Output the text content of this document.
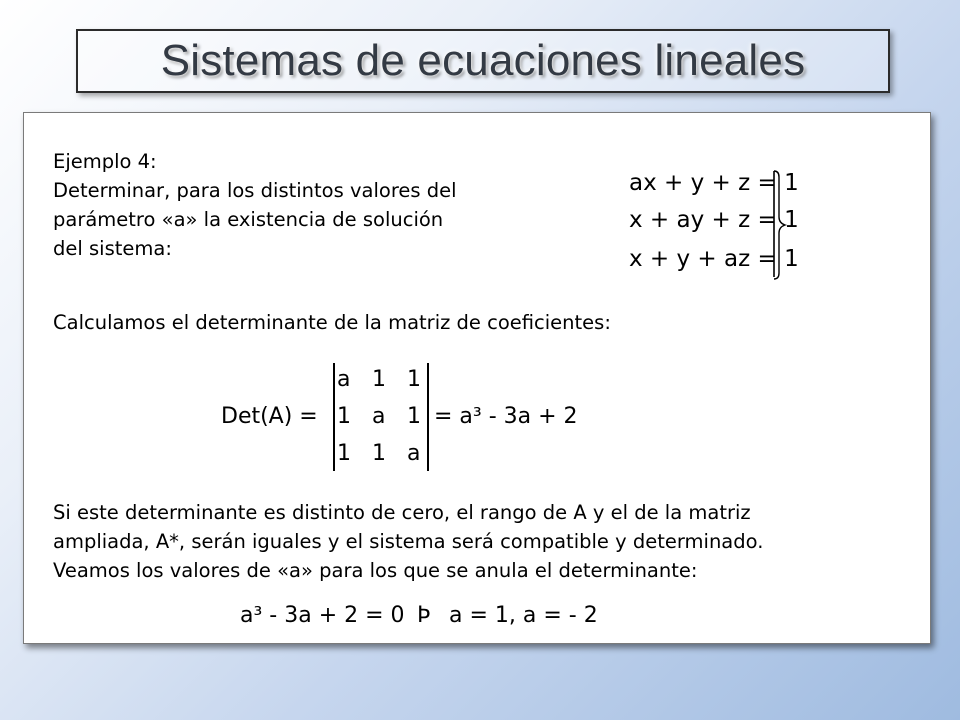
Sistemas de ecuaciones lineales
Ejemplo 4:
Determinar, para los distintos valores del
parámetro «a» la existencia de solución
del sistema:
ax + y + z = 1
x + ay + z = 1
x + y + az = 1
Calculamos el determinante de la matriz de coeficientes:
Det(A) =
a 1 1
1 a 1
1 1 a
= a³ - 3a + 2
Si este determinante es distinto de cero, el rango de A y el de la matriz
ampliada, A*, serán iguales y el sistema será compatible y determinado.
Veamos los valores de «a» para los que se anula el determinante:
a³ - 3a + 2 = 0 Þ a = 1, a = - 2
